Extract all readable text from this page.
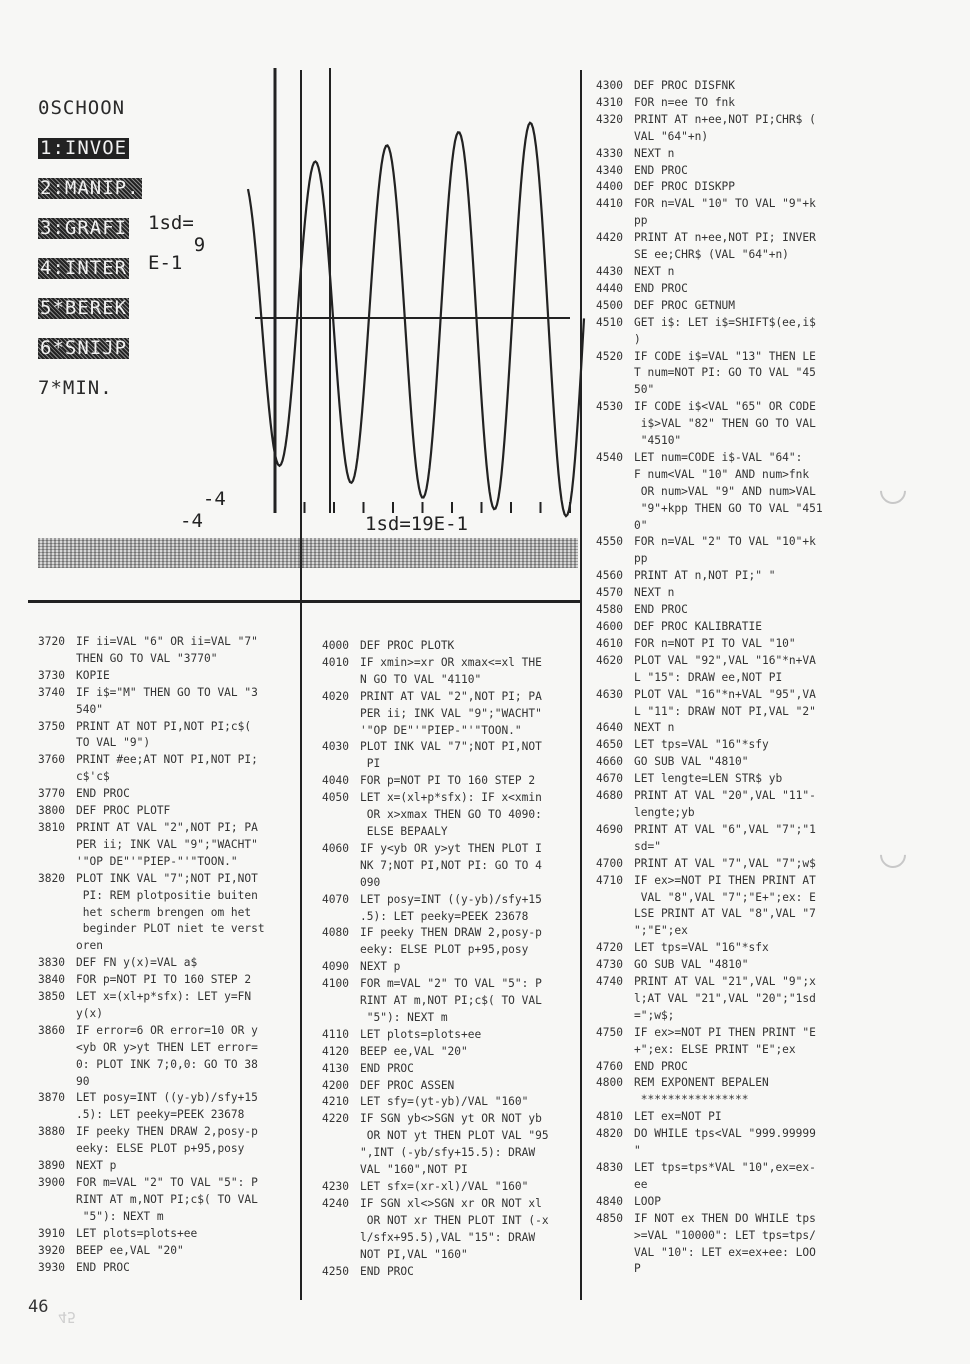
0SCHOON
1:INVOE
2:MANIP.
3:GRAFI
4:INTER
5*BEREK
6*SNIJP
7*MIN.
1sd=
9
E-1
-4
-4	1sd=19E-1
3720 IF ii=VAL "6" OR ii=VAL "7"
THEN GO TO VAL "3770"
3730 KOPIE
3740 IF i$="M" THEN GO TO VAL "3
540"
3750 PRINT AT NOT PI,NOT PI;c$(
TO VAL "9")
3760 PRINT #ee;AT NOT PI,NOT PI;
c$'c$
3770 END PROC
3800 DEF PROC PLOTF
3810 PRINT AT VAL "2",NOT PI; PA
PER ii; INK VAL "9";"WACHT"
'"OP DE"'"PIEP-"'"TOON."
3820 PLOT INK VAL "7";NOT PI,NOT
PI: REM plotpositie buiten
het scherm brengen om het
beginder PLOT niet te verst
oren
3830 DEF FN y(x)=VAL a$
3840 FOR p=NOT PI TO 160 STEP 2
3850 LET x=(xl+p*sfx): LET y=FN
y(x)
3860 IF error=6 OR error=10 OR y
<yb OR y>yt THEN LET error=
0: PLOT INK 7;0,0: GO TO 38
90
3870 LET posy=INT ((y-yb)/sfy+15
.5): LET peeky=PEEK 23678
3880 IF peeky THEN DRAW 2,posy-p
eeky: ELSE PLOT p+95,posy
3890 NEXT p
3900 FOR m=VAL "2" TO VAL "5": P
RINT AT m,NOT PI;c$( TO VAL
"5"): NEXT m
3910 LET plots=plots+ee
3920 BEEP ee,VAL "20"
3930 END PROC
4000 DEF PROC PLOTK
4010 IF xmin>=xr OR xmax<=xl THE
N GO TO VAL "4110"
4020 PRINT AT VAL "2",NOT PI; PA
PER ii; INK VAL "9";"WACHT"
'"OP DE"'"PIEP-"'"TOON."
4030 PLOT INK VAL "7";NOT PI,NOT
PI
4040 FOR p=NOT PI TO 160 STEP 2
4050 LET x=(xl+p*sfx): IF x<xmin
OR x>xmax THEN GO TO 4090:
ELSE BEPAALY
4060 IF y<yb OR y>yt THEN PLOT I
NK 7;NOT PI,NOT PI: GO TO 4
090
4070 LET posy=INT ((y-yb)/sfy+15
.5): LET peeky=PEEK 23678
4080 IF peeky THEN DRAW 2,posy-p
eeky: ELSE PLOT p+95,posy
4090 NEXT p
4100 FOR m=VAL "2" TO VAL "5": P
RINT AT m,NOT PI;c$( TO VAL
"5"): NEXT m
4110 LET plots=plots+ee
4120 BEEP ee,VAL "20"
4130 END PROC
4200 DEF PROC ASSEN
4210 LET sfy=(yt-yb)/VAL "160"
4220 IF SGN yb<>SGN yt OR NOT yb
OR NOT yt THEN PLOT VAL "95
",INT (-yb/sfy+15.5): DRAW
VAL "160",NOT PI
4230 LET sfx=(xr-xl)/VAL "160"
4240 IF SGN xl<>SGN xr OR NOT xl
OR NOT xr THEN PLOT INT (-x
l/sfx+95.5),VAL "15": DRAW
NOT PI,VAL "160"
4250 END PROC
4300 DEF PROC DISFNK
4310 FOR n=ee TO fnk
4320 PRINT AT n+ee,NOT PI;CHR$ (
VAL "64"+n)
4330 NEXT n
4340 END PROC
4400 DEF PROC DISKPP
4410 FOR n=VAL "10" TO VAL "9"+k
pp
4420 PRINT AT n+ee,NOT PI; INVER
SE ee;CHR$ (VAL "64"+n)
4430 NEXT n
4440 END PROC
4500 DEF PROC GETNUM
4510 GET i$: LET i$=SHIFT$(ee,i$
)
4520 IF CODE i$=VAL "13" THEN LE
T num=NOT PI: GO TO VAL "45
50"
4530 IF CODE i$<VAL "65" OR CODE
i$>VAL "82" THEN GO TO VAL
"4510"
4540 LET num=CODE i$-VAL "64":
F num<VAL "10" AND num>fnk
OR num>VAL "9" AND num>VAL
"9"+kpp THEN GO TO VAL "451
0"
4550 FOR n=VAL "2" TO VAL "10"+k
pp
4560 PRINT AT n,NOT PI;" "
4570 NEXT n
4580 END PROC
4600 DEF PROC KALIBRATIE
4610 FOR n=NOT PI TO VAL "10"
4620 PLOT VAL "92",VAL "16"*n+VA
L "15": DRAW ee,NOT PI
4630 PLOT VAL "16"*n+VAL "95",VA
L "11": DRAW NOT PI,VAL "2"
4640 NEXT n
4650 LET tps=VAL "16"*sfy
4660 GO SUB VAL "4810"
4670 LET lengte=LEN STR$ yb
4680 PRINT AT VAL "20",VAL "11"-
lengte;yb
4690 PRINT AT VAL "6",VAL "7";"1
sd="
4700 PRINT AT VAL "7",VAL "7";w$
4710 IF ex>=NOT PI THEN PRINT AT
VAL "8",VAL "7";"E+";ex: E
LSE PRINT AT VAL "8",VAL "7
";"E";ex
4720 LET tps=VAL "16"*sfx
4730 GO SUB VAL "4810"
4740 PRINT AT VAL "21",VAL "9";x
l;AT VAL "21",VAL "20";"1sd
=";w$;
4750 IF ex>=NOT PI THEN PRINT "E
+";ex: ELSE PRINT "E";ex
4760 END PROC
4800 REM EXPONENT BEPALEN
****************
4810 LET ex=NOT PI
4820 DO WHILE tps<VAL "999.99999
"
4830 LET tps=tps*VAL "10",ex=ex-
ee
4840 LOOP
4850 IF NOT ex THEN DO WHILE tps
>=VAL "10000": LET tps=tps/
VAL "10": LET ex=ex+ee: LOO
P
46 45
